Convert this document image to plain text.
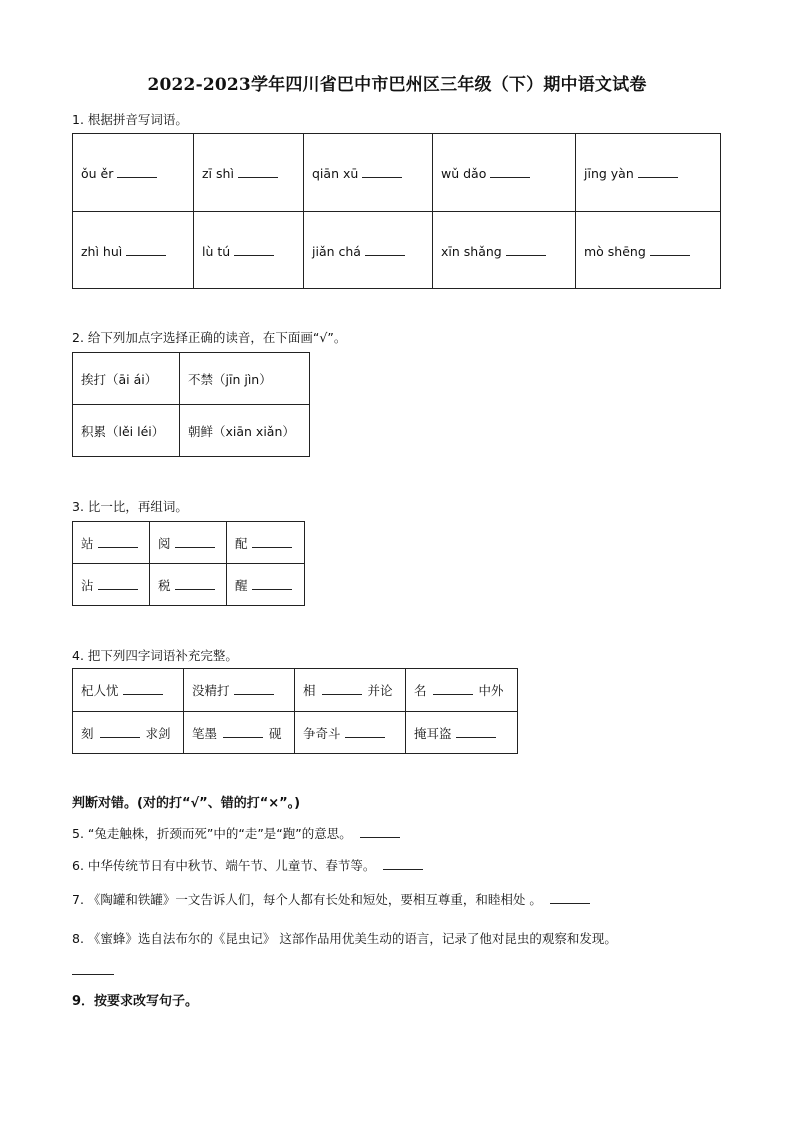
2022-2023学年四川省巴中市巴州区三年级（下）期中语文试卷
1. 根据拼音写词语。
ǒu ěr	zī shì	qiān xū	wǔ dǎo	jīng yàn
zhì huì	lù tú	jiǎn chá	xīn shǎng	mò shēng
2. 给下列加点字选择正确的读音，在下面画“√”。
挨打（āi ái）	不禁（jīn jìn）
积累（lěi léi）	朝鲜（xiān xiǎn）
3. 比一比，再组词。
站	阅	配
沾	税	醒
4. 把下列四字词语补充完整。
杞人忧	没精打	相 并论	名 中外
刻 求剑	笔墨 砚	争奇斗	掩耳盗
判断对错。(对的打“√”、错的打“×”。)
5. “兔走触株，折颈而死”中的“走”是“跑”的意思。
6. 中华传统节日有中秋节、端午节、儿童节、春节等。
7. 《陶罐和铁罐》一文告诉人们，每个人都有长处和短处，要相互尊重，和睦相处 。
8. 《蜜蜂》选自法布尔的《昆虫记》 这部作品用优美生动的语言，记录了他对昆虫的观察和发现。
9．按要求改写句子。
